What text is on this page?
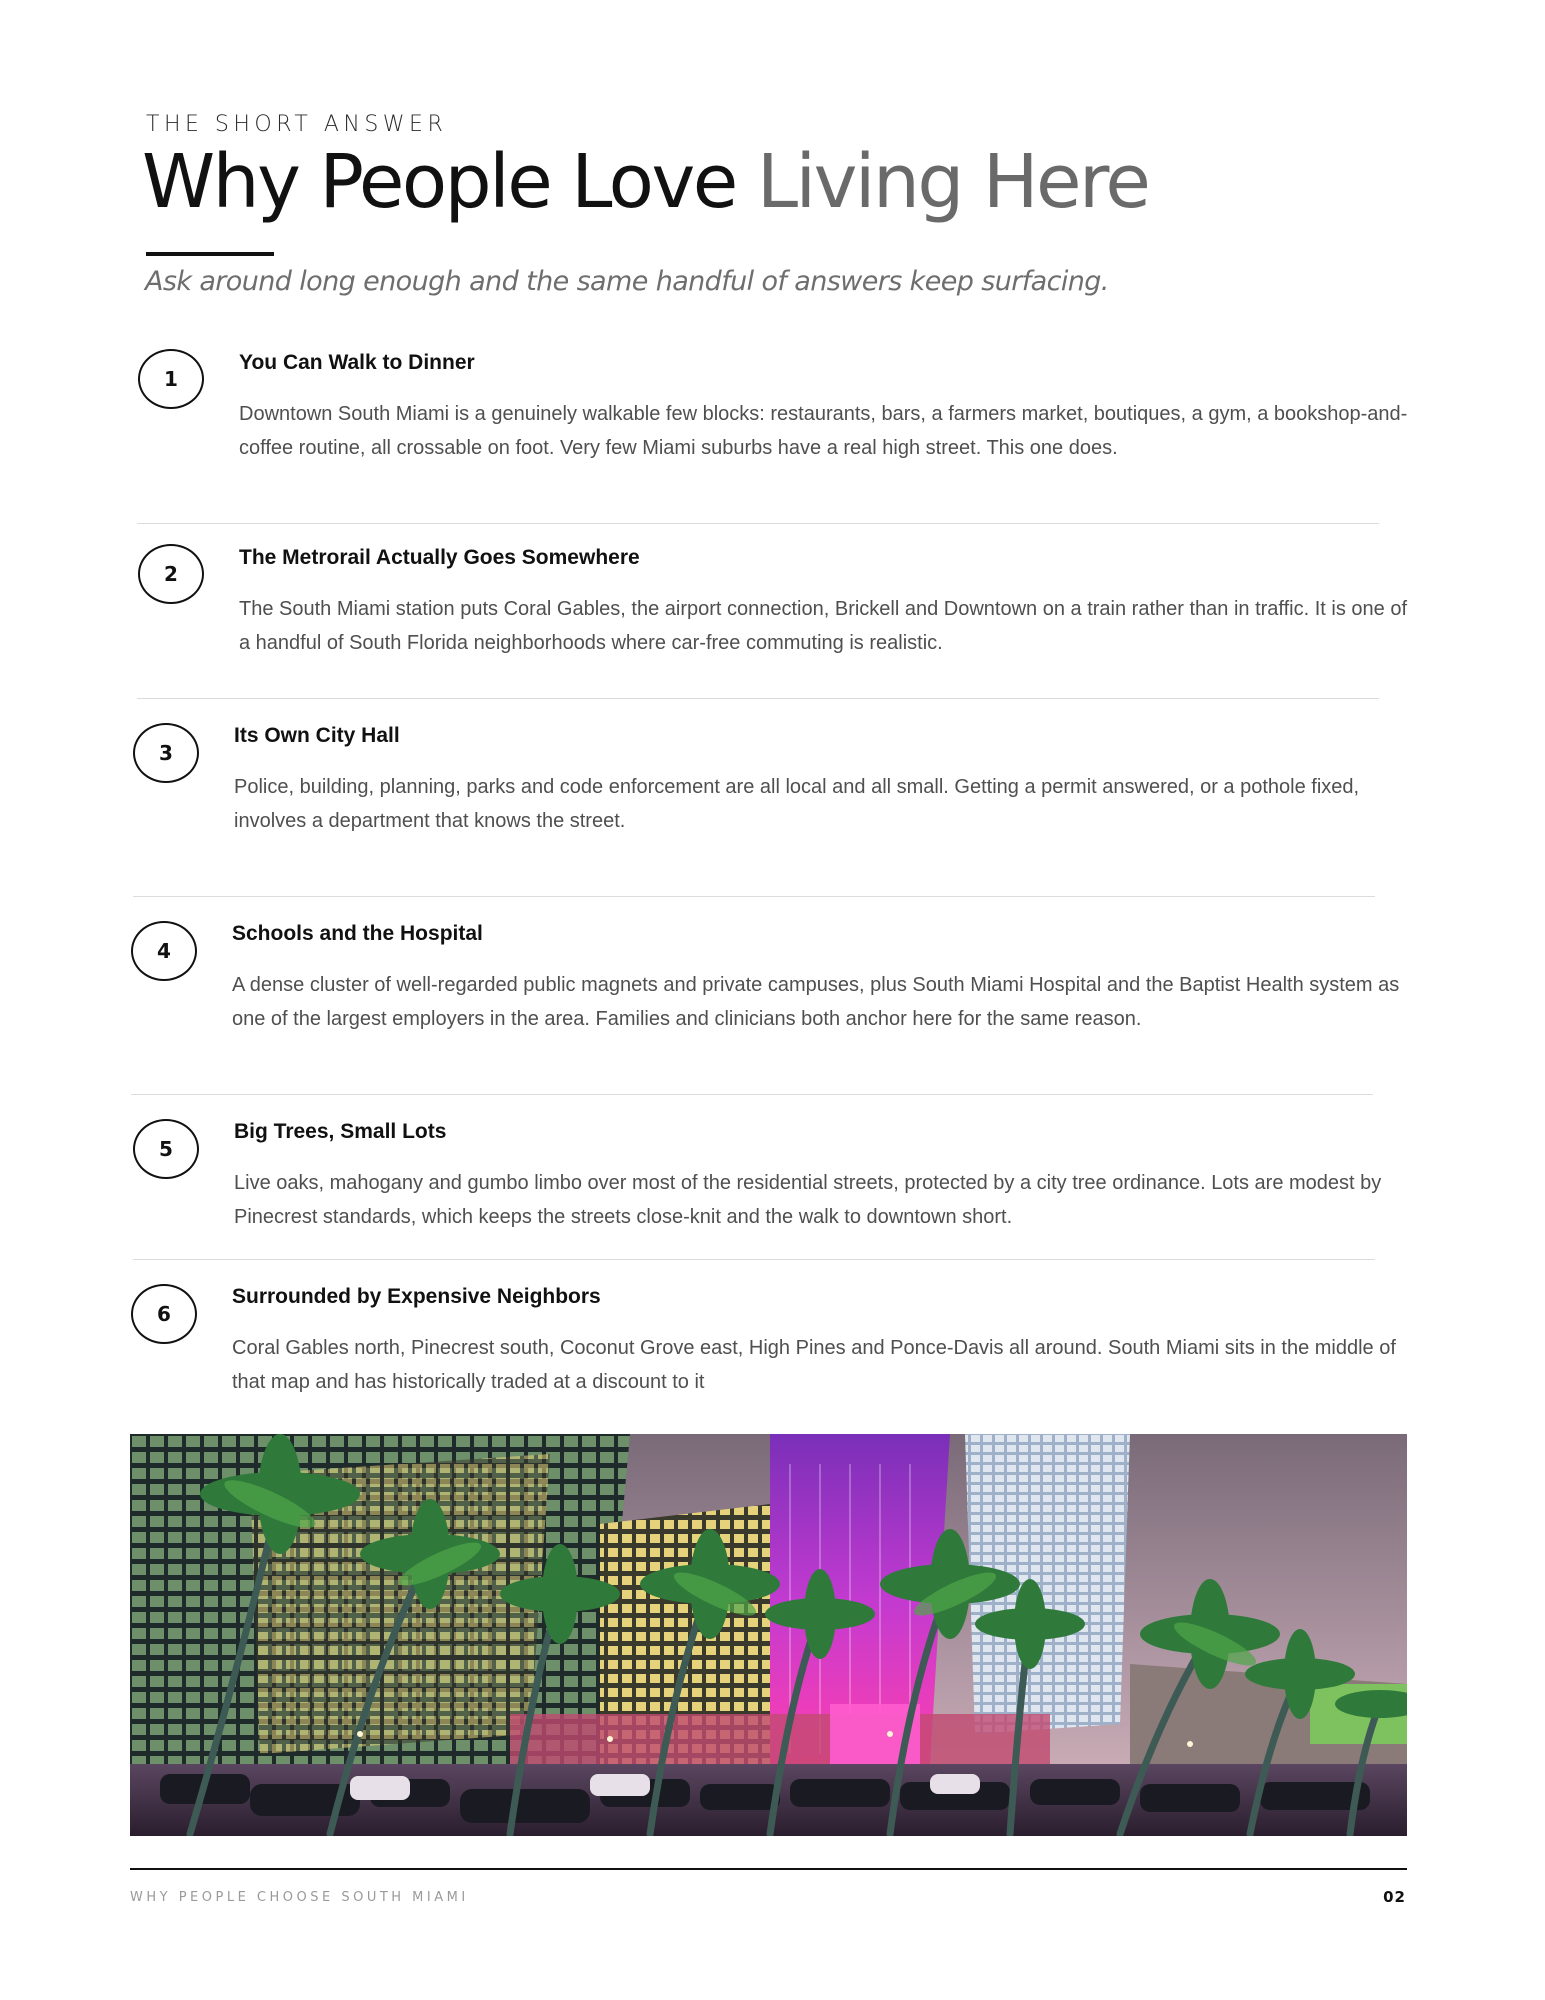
THE SHORT ANSWER
Why People Love Living Here
Ask around long enough and the same handful of answers keep surfacing.
1
You Can Walk to Dinner
Downtown South Miami is a genuinely walkable few blocks: restaurants, bars, a farmers market, boutiques, a gym, a bookshop-and-coffee routine, all crossable on foot. Very few Miami suburbs have a real high street. This one does.
2
The Metrorail Actually Goes Somewhere
The South Miami station puts Coral Gables, the airport connection, Brickell and Downtown on a train rather than in traffic. It is one of a handful of South Florida neighborhoods where car-free commuting is realistic.
3
Its Own City Hall
Police, building, planning, parks and code enforcement are all local and all small. Getting a permit answered, or a pothole fixed, involves a department that knows the street.
4
Schools and the Hospital
A dense cluster of well-regarded public magnets and private campuses, plus South Miami Hospital and the Baptist Health system as one of the largest employers in the area. Families and clinicians both anchor here for the same reason.
5
Big Trees, Small Lots
Live oaks, mahogany and gumbo limbo over most of the residential streets, protected by a city tree ordinance. Lots are modest by Pinecrest standards, which keeps the streets close-knit and the walk to downtown short.
6
Surrounded by Expensive Neighbors
Coral Gables north, Pinecrest south, Coconut Grove east, High Pines and Ponce-Davis all around. South Miami sits in the middle of that map and has historically traded at a discount to it
WHY PEOPLE CHOOSE SOUTH MIAMI	02
